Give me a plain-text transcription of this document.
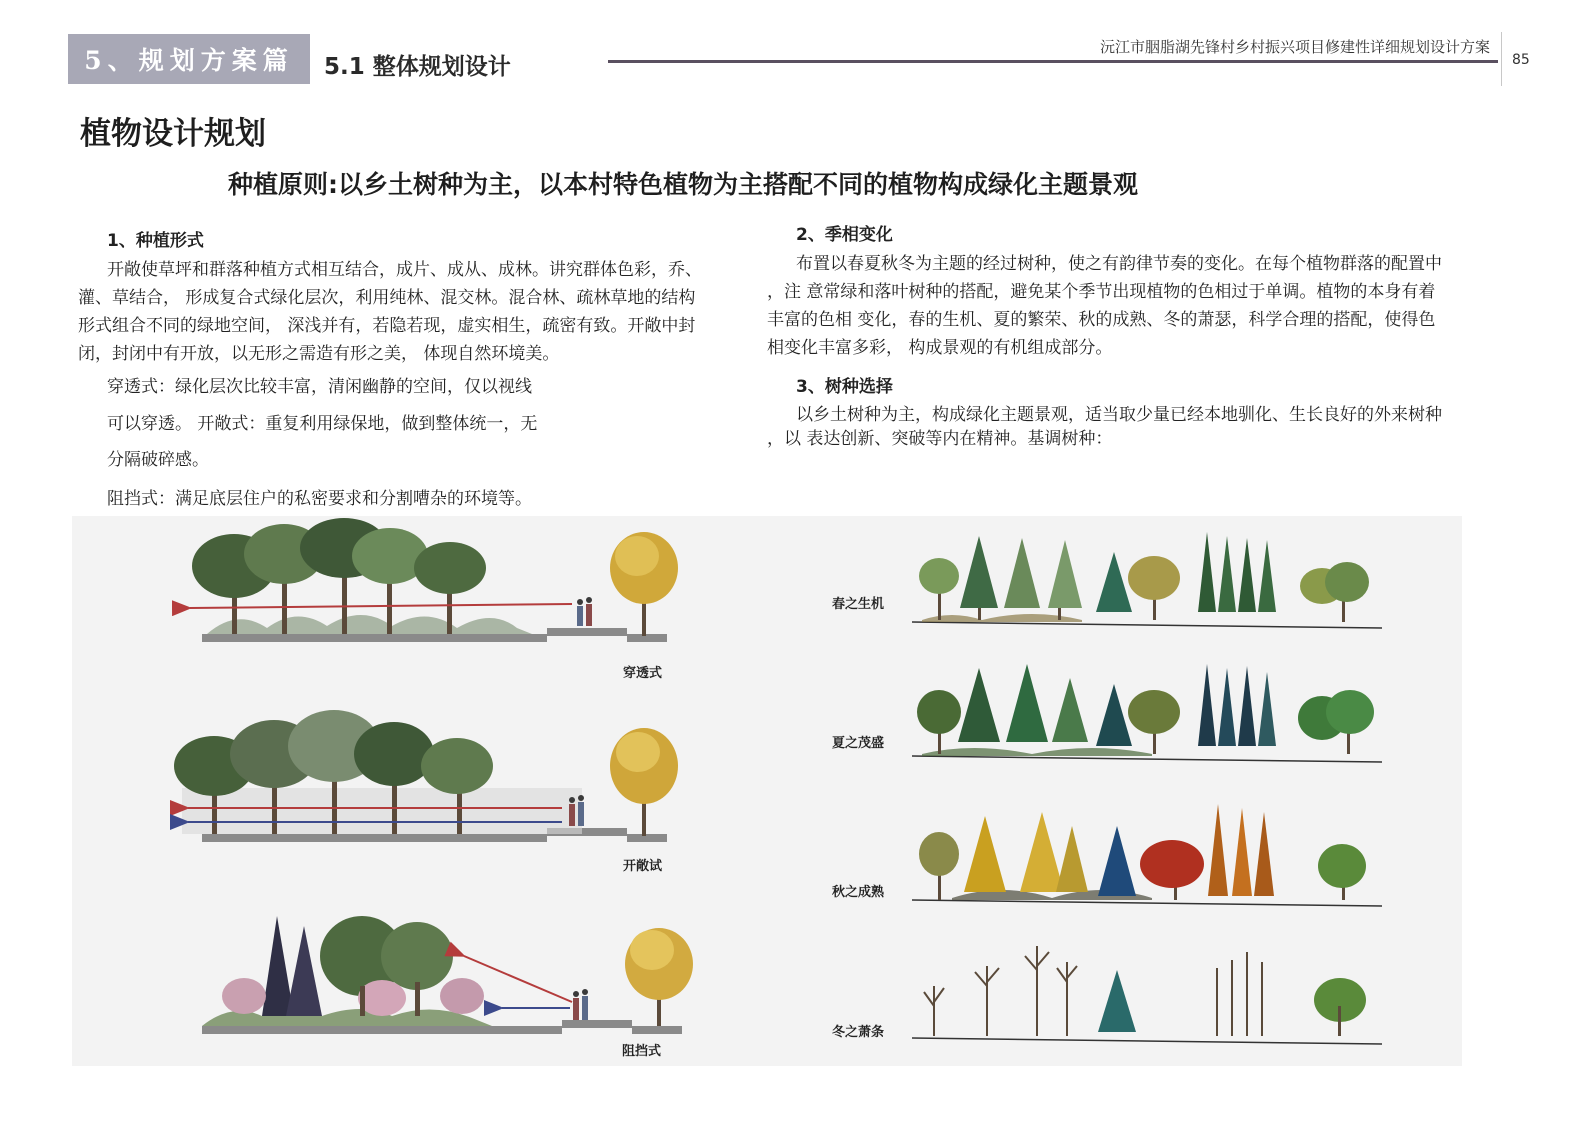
5、规划方案篇	5.1 整体规划设计
沅江市胭脂湖先锋村乡村振兴项目修建性详细规划设计方案
85
植物设计规划
种植原则:以乡土树种为主，以本村特色植物为主搭配不同的植物构成绿化主题景观
1、种植形式
开敞使草坪和群落种植方式相互结合，成片、成从、成林。讲究群体色彩，乔、
灌、草结合， 形成复合式绿化层次，利用纯林、混交林。混合林、疏林草地的结构
形式组合不同的绿地空间， 深浅并有，若隐若现，虚实相生，疏密有致。开敞中封
闭，封闭中有开放，以无形之需造有形之美， 体现自然环境美。
穿透式：绿化层次比较丰富，清闲幽静的空间，仅以视线
可以穿透。 开敞式：重复利用绿保地，做到整体统一，无
分隔破碎感。
阻挡式：满足底层住户的私密要求和分割嘈杂的环境等。
2、季相变化
布置以春夏秋冬为主题的经过树种，使之有韵律节奏的变化。在每个植物群落的配置中
，注 意常绿和落叶树种的搭配，避免某个季节出现植物的色相过于单调。植物的本身有着
丰富的色相 变化，春的生机、夏的繁荣、秋的成熟、冬的萧瑟，科学合理的搭配，使得色
相变化丰富多彩， 构成景观的有机组成部分。
3、树种选择
以乡土树种为主，构成绿化主题景观，适当取少量已经本地驯化、生长良好的外来树种
，以 表达创新、突破等内在精神。基调树种：
穿透式
开敞试
阻挡式
春之生机
夏之茂盛
秋之成熟
冬之萧条
